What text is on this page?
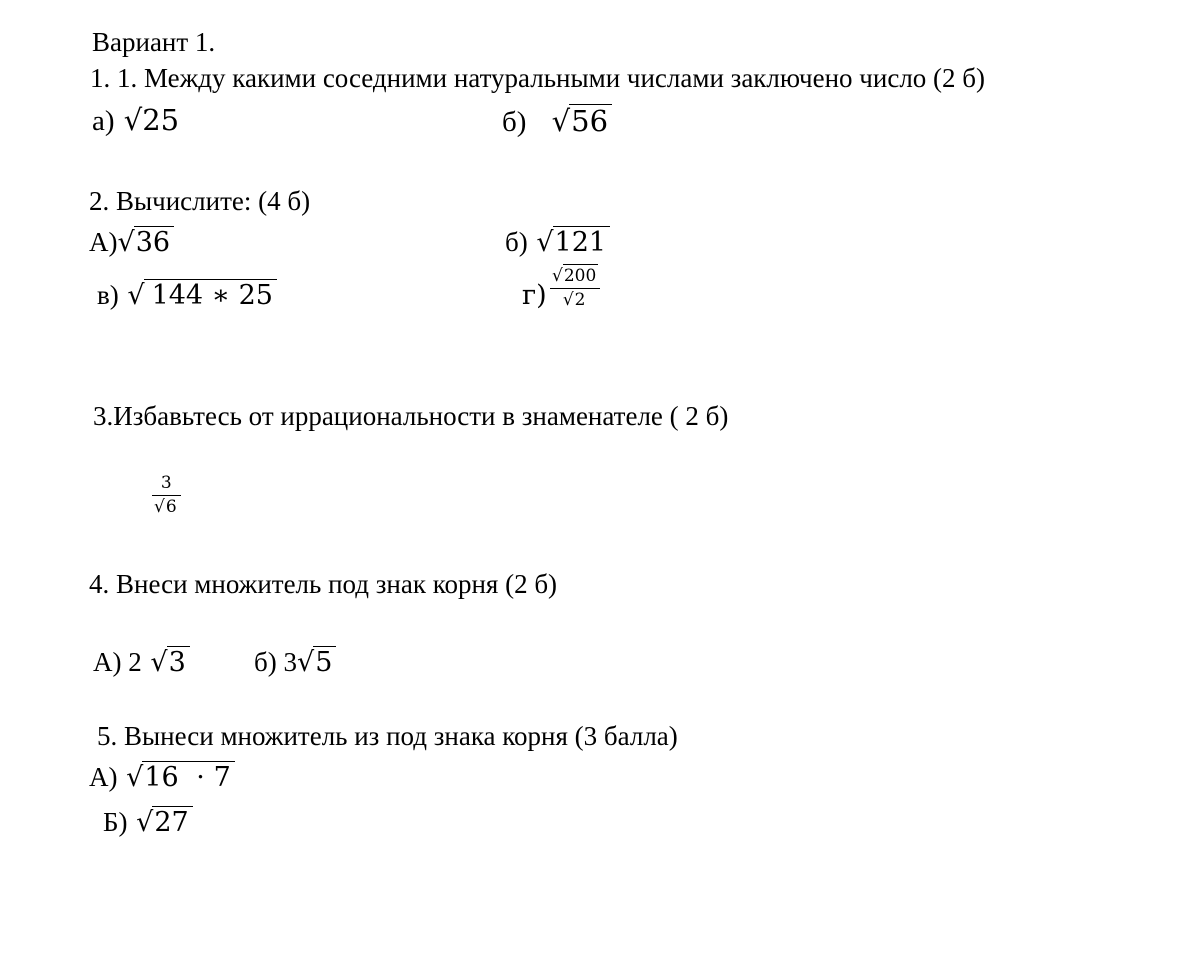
Вариант 1.
1. 1. Между какими соседними натуральными числами заключено число (2 б)
а) √25	б) √56
2. Вычислите: (4 б)
А)√36	б) √121
в) √ 144 ∗ 25	г)
√200
√2
3.Избавьтесь от иррациональности в знаменателе ( 2 б)
3
√6
4. Внеси множитель под знак корня (2 б)
А) 2 √3	б) 3√5
5. Вынеси множитель из под знака корня (3 балла)
А) √16  ⋅ 7
Б) √27
